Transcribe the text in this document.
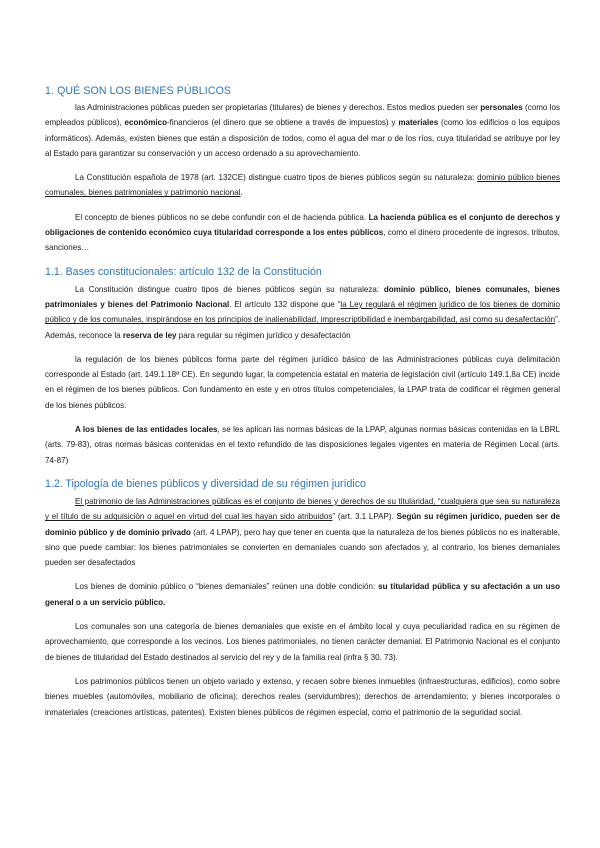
1. QUÉ SON LOS BIENES PÚBLICOS

las Administraciones públicas pueden ser propietarias (titulares) de bienes y derechos. Estos medios pueden ser personales (como los empleados públicos), económico-financieros (el dinero que se obtiene a través de impuestos) y materiales (como los edificios o los equipos informáticos). Además, existen bienes que están a disposición de todos, como el agua del mar o de los ríos, cuya titularidad se atribuye por ley al Estado para garantizar su conservación y un acceso ordenado a su aprovechamiento.

La Constitución española de 1978 (art. 132CE) distingue cuatro tipos de bienes públicos según su naturaleza: dominio público bienes comunales, bienes patrimoniales y patrimonio nacional.

El concepto de bienes públicos no se debe confundir con el de hacienda pública. La hacienda pública es el conjunto de derechos y obligaciones de contenido económico cuya titularidad corresponde a los entes públicos, como el dinero procedente de ingresos, tributos, sanciones…

1.1. Bases constitucionales: artículo 132 de la Constitución

La Constitución distingue cuatro tipos de bienes públicos según su naturaleza: dominio público, bienes comunales, bienes patrimoniales y bienes del Patrimonio Nacional. El artículo 132 dispone que “la Ley regulará el régimen jurídico de los bienes de dominio público y de los comunales, inspirándose en los principios de inalienabilidad, imprescriptibilidad e inembargabilidad, así como su desafectación”. Además, reconoce la reserva de ley para regular su régimen jurídico y desafectación

la regulación de los bienes públicos forma parte del régimen jurídico básico de las Administraciones públicas cuya delimitación corresponde al Estado (art. 149.1.18ª CE). En segundo lugar, la competencia estatal en materia de legislación civil (artículo 149.1.8a CE) incide en el régimen de los bienes públicos. Con fundamento en este y en otros títulos competenciales, la LPAP trata de codificar el régimen general de los bienes públicos.

A los bienes de las entidades locales, se les aplican las normas básicas de la LPAP, algunas normas básicas contenidas en la LBRL (arts. 79-83), otras normas básicas contenidas en el texto refundido de las disposiciones legales vigentes en materia de Régimen Local (arts. 74-87)

1.2. Tipología de bienes públicos y diversidad de su régimen jurídico

El patrimonio de las Administraciones públicas es el conjunto de bienes y derechos de su titularidad, “cualquiera que sea su naturaleza y el título de su adquisición o aquel en virtud del cual les hayan sido atribuidos” (art. 3.1 LPAP). Según su régimen jurídico, pueden ser de dominio público y de dominio privado (art. 4 LPAP), pero hay que tener en cuenta que la naturaleza de los bienes públicos no es inalterable, sino que puede cambiar: los bienes patrimoniales se convierten en demaniales cuando son afectados y, al contrario, los bienes demaniales pueden ser desafectados

Los bienes de dominio público o “bienes demaniales” reúnen una doble condición: su titularidad pública y su afectación a un uso general o a un servicio público.

Los comunales son una categoría de bienes demaniales que existe en el ámbito local y cuya peculiaridad radica en su régimen de aprovechamiento, que corresponde a los vecinos. Los bienes patrimoniales, no tienen carácter demanial. El Patrimonio Nacional es el conjunto de bienes de titularidad del Estado destinados al servicio del rey y de la familia real (infra § 30. 73).

Los patrimonios públicos tienen un objeto variado y extenso, y recaen sobre bienes inmuebles (infraestructuras, edificios), como sobre bienes muebles (automóviles, mobiliario de oficina); derechos reales (servidumbres); derechos de arrendamiento; y bienes incorporales o inmateriales (creaciones artísticas, patentes). Existen bienes públicos de régimen especial, como el patrimonio de la seguridad social.
